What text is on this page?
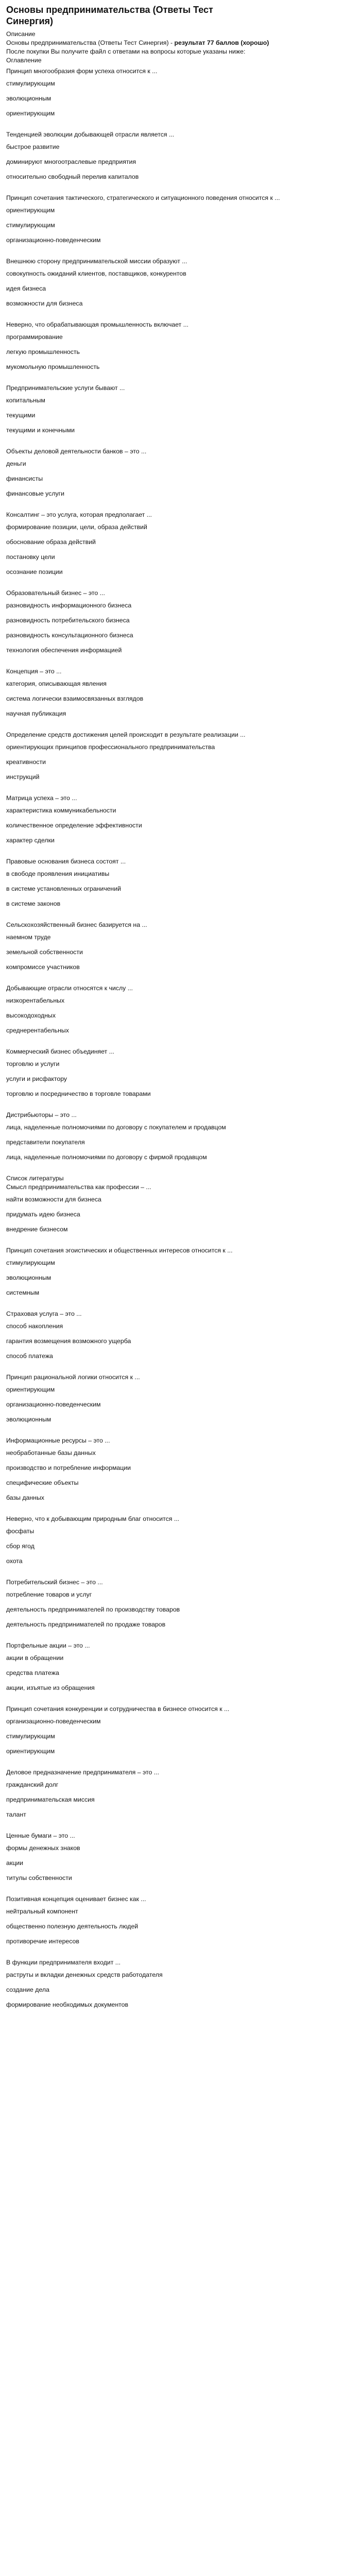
Основы предпринимательства (Ответы Тест Синергия)
Описание
Основы предпринимательства (Ответы Тест Синергия) - результат 77 баллов (хорошо)
После покупки Вы получите файл с ответами на вопросы которые указаны ниже:
Оглавление
Принцип многообразия форм успеха относится к ...
стимулирующим
эволюционным
ориентирующим
Тенденцией эволюции добывающей отрасли является ...
быстрое развитие
доминируют многоотраслевые предприятия
относительно свободный перелив капиталов
Принцип сочетания тактического, стратегического и ситуационного поведения относится к ...
ориентирующим
стимулирующим
организационно-поведенческим
Внешнюю сторону предпринимательской миссии образуют ...
совокупность ожиданий клиентов, поставщиков, конкурентов
идея бизнеса
возможности для бизнеса
Неверно, что обрабатывающая промышленность включает ...
программирование
легкую промышленность
мукомольную промышленность
Предпринимательские услуги бывают ...
копитальным
текущими
текущими и конечными
Объекты деловой деятельности банков – это ...
деньги
финансисты
финансовые услуги
Консалтинг – это услуга, которая предполагает ...
формирование позиции, цели, образа действий
обоснование образа действий
постановку цели
осознание позиции
Образовательный бизнес – это ...
разновидность информационного бизнеса
разновидность потребительского бизнеса
разновидность консультационного бизнеса
технология обеспечения информацией
Концепция – это ...
категория, описывающая явления
система логически взаимосвязанных взглядов
научная публикация
Определение средств достижения целей происходит в результате реализации ...
ориентирующих принципов профессионального предпринимательства
креативности
инструкций
Матрица успеха – это ...
характеристика коммуникабельности
количественное определение эффективности
характер сделки
Правовые основания бизнеса состоят ...
в свободе проявления инициативы
в системе установленных ограничений
в системе законов
Сельскохозяйственный бизнес базируется на ...
наемном труде
земельной собственности
компромиссе участников
Добывающие отрасли относятся к числу ...
низкорентабельных
высокодоходных
среднерентабельных
Коммерческий бизнес объединяет ...
торговлю и услуги
услуги и рисфактору
торговлю и посредничество в торговле товарами
Дистрибьюторы – это ...
лица, наделенные полномочиями по договору с покупателем и продавцом
представители покупателя
лица, наделенные полномочиями по договору с фирмой продавцом
Список литературы
Смысл предпринимательства как профессии – ...
найти возможности для бизнеса
придумать идею бизнеса
внедрение бизнесом
Принцип сочетания эгоистических и общественных интересов относится к ...
стимулирующим
эволюционным
системным
Страховая услуга – это ...
способ накопления
гарантия возмещения возможного ущерба
способ платежа
Принцип рациональной логики относится к ...
ориентирующим
организационно-поведенческим
эволюционным
Информационные ресурсы – это ...
необработанные базы данных
производство и потребление информации
специфические объекты
базы данных
Неверно, что к добывающим природным благ относится ...
фосфаты
сбор ягод
охота
Потребительский бизнес – это ...
потребление товаров и услуг
деятельность предпринимателей по производству товаров
деятельность предпринимателей по продаже товаров
Портфельные акции – это ...
акции в обращении
средства платежа
акции, изъятые из обращения
Принцип сочетания конкуренции и сотрудничества в бизнесе относится к ...
организационно-поведенческим
стимулирующим
ориентирующим
Деловое предназначение предпринимателя – это ...
гражданский долг
предпринимательская миссия
талант
Ценные бумаги – это ...
формы денежных знаков
акции
титулы собственности
Позитивная концепция оценивает бизнес как ...
нейтральный компонент
общественно полезную деятельность людей
противоречие интересов
В функции предпринимателя входит ...
раструты и вкладки денежных средств работодателя
создание дела
формирование необходимых документов
